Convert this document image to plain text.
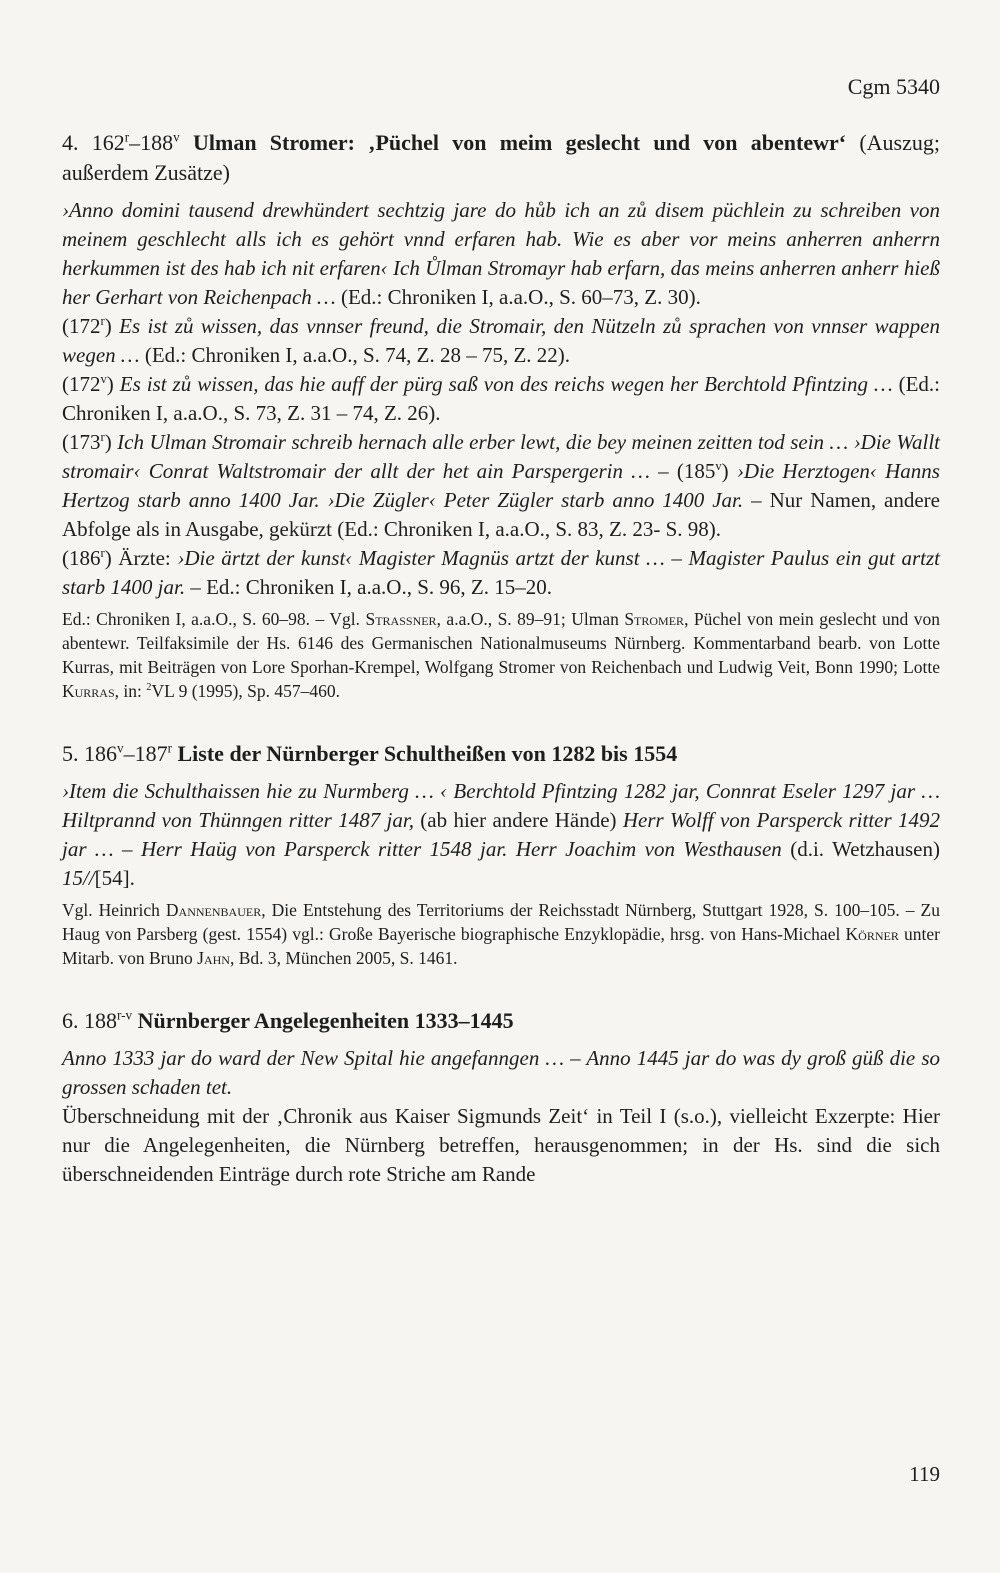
Cgm 5340

4. 162$^r$–188$^v$ Ulman Stromer: ‚Püchel von meim geslecht und von abentewr‘ (Auszug; außerdem Zusätze)

›Anno domini tausend drewhündert sechtzig jare do hůb ich an zů disem püchlein zu schreiben von meinem geschlecht alls ich es gehört vnnd erfaren hab. Wie es aber vor meins anherren anherrn herkummen ist des hab ich nit erfaren‹ Ich Ůlman Stromayr hab erfarn, das meins anherren anherr hieß her Gerhart von Reichenpach … (Ed.: Chroniken I, a.a.O., S. 60–73, Z. 30).

(172$^r$) Es ist zů wissen, das vnnser freund, die Stromair, den Nützeln zů sprachen von vnnser wappen wegen … (Ed.: Chroniken I, a.a.O., S. 74, Z. 28 – 75, Z. 22).

(172$^v$) Es ist zů wissen, das hie auff der pürg saß von des reichs wegen her Berchtold Pfintzing … (Ed.: Chroniken I, a.a.O., S. 73, Z. 31 – 74, Z. 26).

(173$^r$) Ich Ulman Stromair schreib hernach alle erber lewt, die bey meinen zeitten tod sein … ›Die Wallt stromair‹ Conrat Waltstromair der allt der het ain Parspergerin … – (185$^v$) ›Die Herztogen‹ Hanns Hertzog starb anno 1400 Jar. ›Die Zügler‹ Peter Zügler starb anno 1400 Jar. – Nur Namen, andere Abfolge als in Ausgabe, gekürzt (Ed.: Chroniken I, a.a.O., S. 83, Z. 23- S. 98).

(186$^r$) Ärzte: ›Die ärtzt der kunst‹ Magister Magnüs artzt der kunst … – Magister Paulus ein gut artzt starb 1400 jar. – Ed.: Chroniken I, a.a.O., S. 96, Z. 15–20.

Ed.: Chroniken I, a.a.O., S. 60–98. – Vgl. Strassner, a.a.O., S. 89–91; Ulman Stromer, Püchel von mein geslecht und von abentewr. Teilfaksimile der Hs. 6146 des Germanischen Nationalmuseums Nürnberg. Kommentarband bearb. von Lotte Kurras, mit Beiträgen von Lore Sporhan-Krempel, Wolfgang Stromer von Reichenbach und Ludwig Veit, Bonn 1990; Lotte Kurras, in: $^2$VL 9 (1995), Sp. 457–460.

5. 186$^v$–187$^r$ Liste der Nürnberger Schultheißen von 1282 bis 1554

›Item die Schulthaissen hie zu Nurmberg … ‹ Berchtold Pfintzing 1282 jar, Connrat Eseler 1297 jar … Hiltprannd von Thünngen ritter 1487 jar, (ab hier andere Hände) Herr Wolff von Parsperck ritter 1492 jar … – Herr Haüg von Parsperck ritter 1548 jar. Herr Joachim von Westhausen (d.i. Wetzhausen) 15//[54].

Vgl. Heinrich Dannenbauer, Die Entstehung des Territoriums der Reichsstadt Nürnberg, Stuttgart 1928, S. 100–105. – Zu Haug von Parsberg (gest. 1554) vgl.: Große Bayerische biographische Enzyklopädie, hrsg. von Hans-Michael Körner unter Mitarb. von Bruno Jahn, Bd. 3, München 2005, S. 1461.

6. 188$^{r-v}$ Nürnberger Angelegenheiten 1333–1445

Anno 1333 jar do ward der New Spital hie angefanngen … – Anno 1445 jar do was dy groß güß die so grossen schaden tet.

Überschneidung mit der ‚Chronik aus Kaiser Sigmunds Zeit‘ in Teil I (s.o.), vielleicht Exzerpte: Hier nur die Angelegenheiten, die Nürnberg betreffen, herausgenommen; in der Hs. sind die sich überschneidenden Einträge durch rote Striche am Rande

119
